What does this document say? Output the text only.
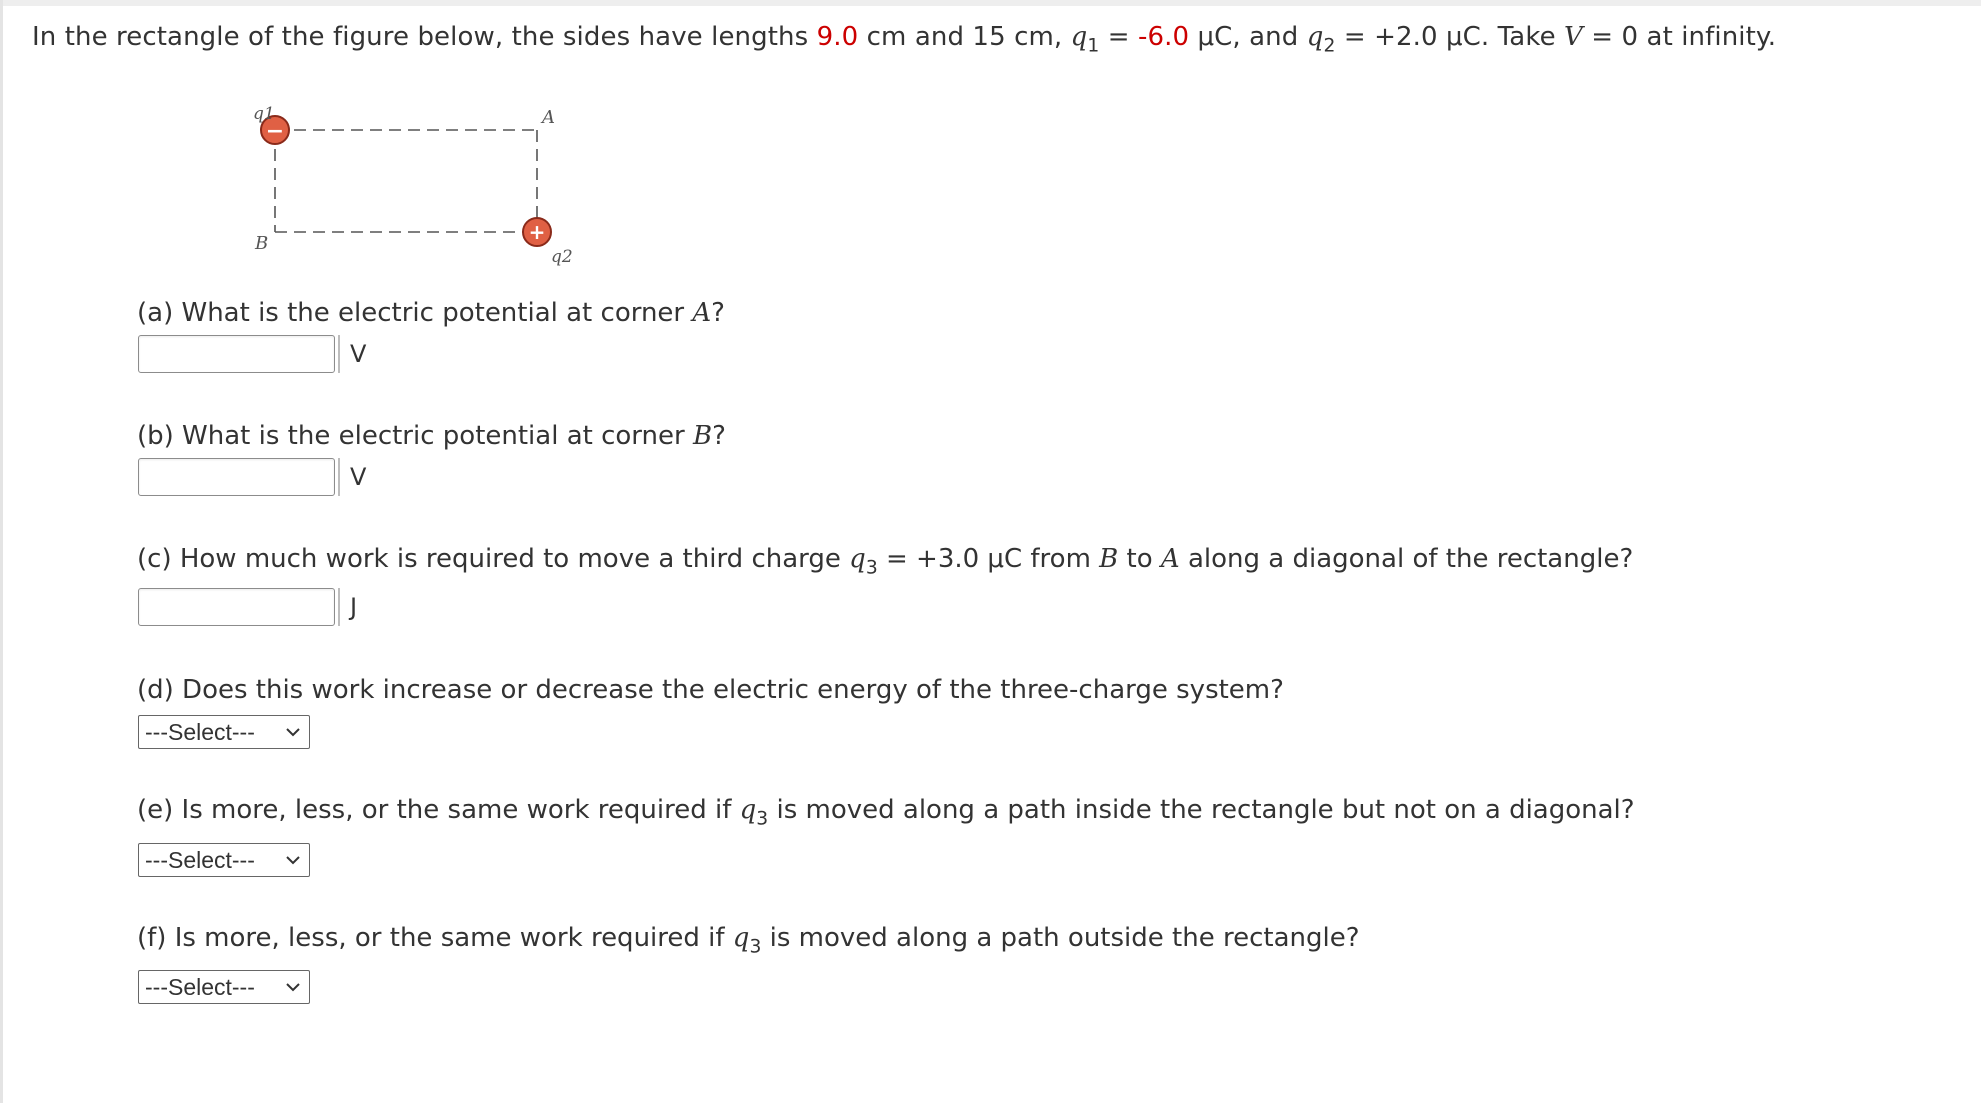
In the rectangle of the figure below, the sides have lengths 9.0 cm and 15 cm, $q_1 = -6.0$ μC, and $q_2 = +2.0$ μC. Take V = 0 at infinity.
−
+
q1
q2
A
B
(a) What is the electric potential at corner A?
V
(b) What is the electric potential at corner B?
V
(c) How much work is required to move a third charge $q_3 = +3.0$ μC from B to A along a diagonal of the rectangle?
J
(d) Does this work increase or decrease the electric energy of the three-charge system?
---Select---
(e) Is more, less, or the same work required if $q_3$ is moved along a path inside the rectangle but not on a diagonal?
---Select---
(f) Is more, less, or the same work required if $q_3$ is moved along a path outside the rectangle?
---Select---
